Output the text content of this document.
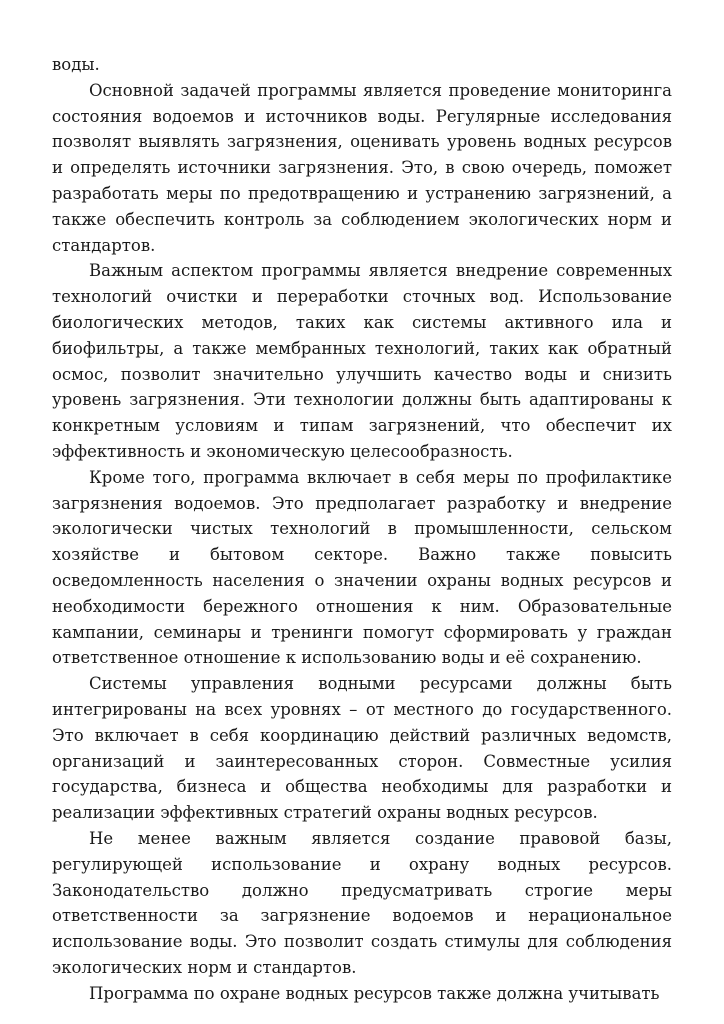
воды.

Основной задачей программы является проведение мониторинга состояния водоемов и источников воды. Регулярные исследования позволят выявлять загрязнения, оценивать уровень водных ресурсов и определять источники загрязнения. Это, в свою очередь, поможет разработать меры по предотвращению и устранению загрязнений, а также обеспечить контроль за соблюдением экологических норм и стандартов.

Важным аспектом программы является внедрение современных технологий очистки и переработки сточных вод. Использование биологических методов, таких как системы активного ила и биофильтры, а также мембранных технологий, таких как обратный осмос, позволит значительно улучшить качество воды и снизить уровень загрязнения. Эти технологии должны быть адаптированы к конкретным условиям и типам загрязнений, что обеспечит их эффективность и экономическую целесообразность.

Кроме того, программа включает в себя меры по профилактике загрязнения водоемов. Это предполагает разработку и внедрение экологически чистых технологий в промышленности, сельском хозяйстве и бытовом секторе. Важно также повысить осведомленность населения о значении охраны водных ресурсов и необходимости бережного отношения к ним. Образовательные кампании, семинары и тренинги помогут сформировать у граждан ответственное отношение к использованию воды и её сохранению.

Системы управления водными ресурсами должны быть интегрированы на всех уровнях – от местного до государственного. Это включает в себя координацию действий различных ведомств, организаций и заинтересованных сторон. Совместные усилия государства, бизнеса и общества необходимы для разработки и реализации эффективных стратегий охраны водных ресурсов.

Не менее важным является создание правовой базы, регулирующей использование и охрану водных ресурсов. Законодательство должно предусматривать строгие меры ответственности за загрязнение водоемов и нерациональное использование воды. Это позволит создать стимулы для соблюдения экологических норм и стандартов.

Программа по охране водных ресурсов также должна учитывать
